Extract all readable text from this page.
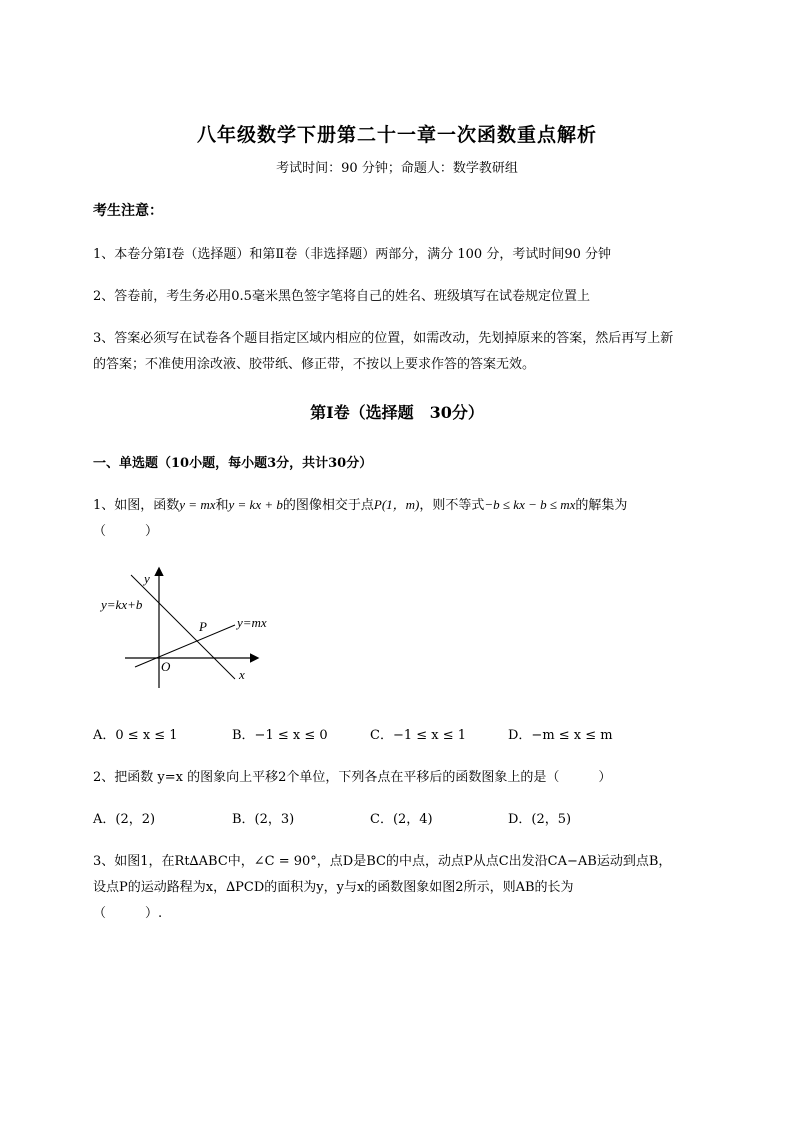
八年级数学下册第二十一章一次函数重点解析
考试时间：90 分钟；命题人：数学教研组
考生注意：
1、本卷分第Ⅰ卷（选择题）和第Ⅱ卷（非选择题）两部分，满分 100 分，考试时间90 分钟
2、答卷前，考生务必用0.5毫米黑色签字笔将自己的姓名、班级填写在试卷规定位置上
3、答案必须写在试卷各个题目指定区域内相应的位置，如需改动，先划掉原来的答案，然后再写上新
的答案；不准使用涂改液、胶带纸、修正带，不按以上要求作答的答案无效。
第Ⅰ卷（选择题　30分）
一、单选题（10小题，每小题3分，共计30分）
1、如图，函数y = mx和y = kx + b的图像相交于点P(1，m)，则不等式−b ≤ kx − b ≤ mx的解集为
（　　　）
y
x
O
P
y=kx+b
y=mx
A．0 ≤ x ≤ 1	B．−1 ≤ x ≤ 0	C．−1 ≤ x ≤ 1	D．−m ≤ x ≤ m
2、把函数 y=x 的图象向上平移2个单位，下列各点在平移后的函数图象上的是（　　　）
A．(2，2)	B．(2，3)	C．(2，4)	D．(2，5)
3、如图1，在Rt∆ABC中，∠C = 90°，点D是BC的中点，动点P从点C出发沿CA−AB运动到点B，
设点P的运动路程为x，∆PCD的面积为y，y与x的函数图象如图2所示，则AB的长为
（　　　）.
